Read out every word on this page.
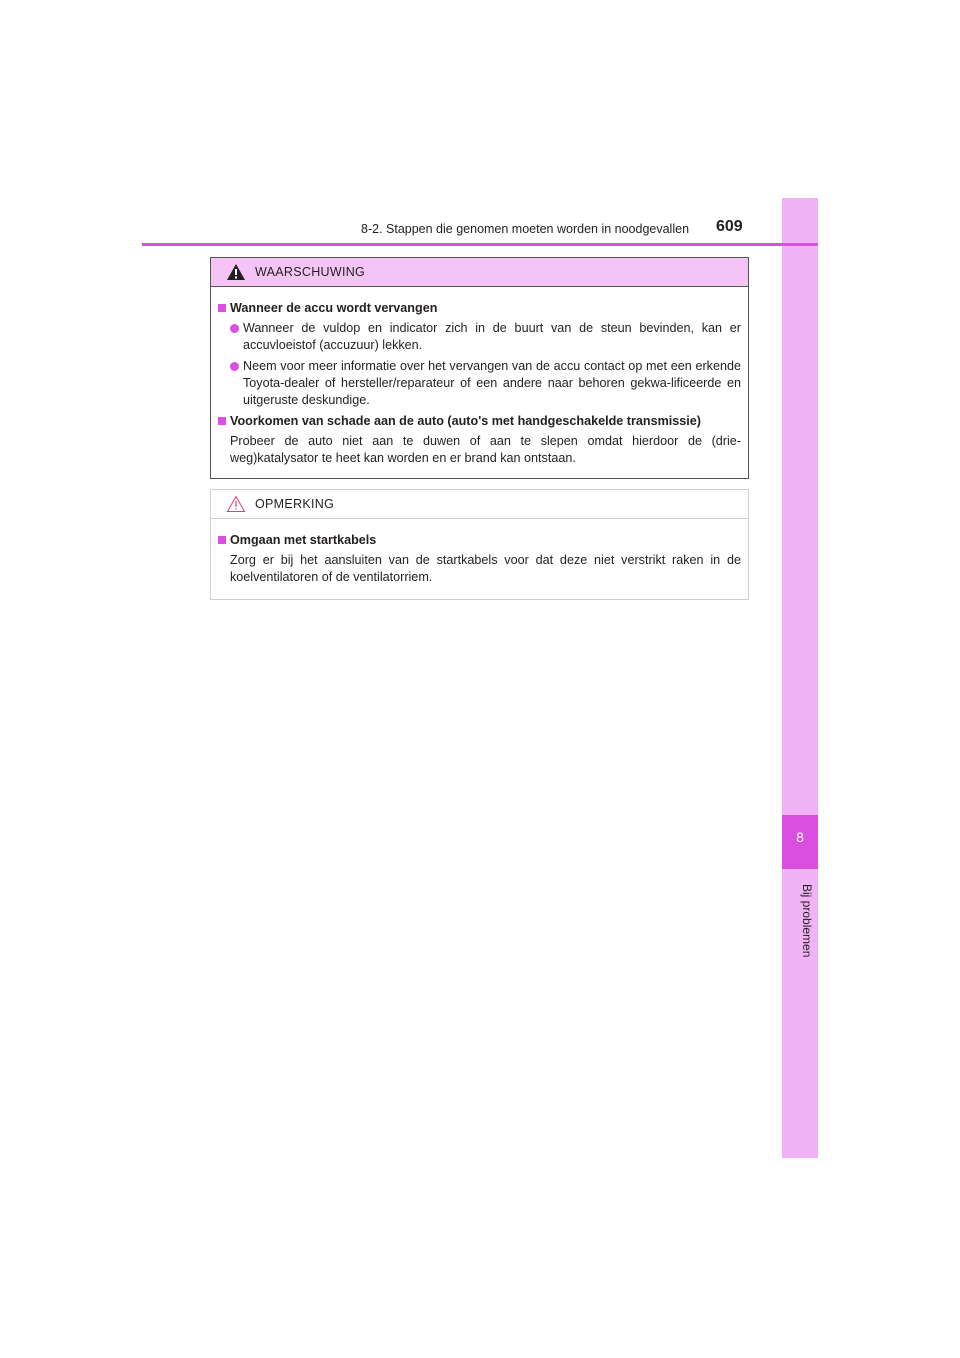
8
Bij problemen
8-2. Stappen die genomen moeten worden in noodgevallen 609
WAARSCHUWING
Wanneer de accu wordt vervangen
Wanneer de vuldop en indicator zich in de buurt van de steun bevinden, kan er accuvloeistof (accuzuur) lekken.
Neem voor meer informatie over het vervangen van de accu contact op met een erkende Toyota-dealer of hersteller/reparateur of een andere naar behoren gekwa-lificeerde en uitgeruste deskundige.
Voorkomen van schade aan de auto (auto's met handgeschakelde transmissie)
Probeer de auto niet aan te duwen of aan te slepen omdat hierdoor de (drie-weg)katalysator te heet kan worden en er brand kan ontstaan.
OPMERKING
Omgaan met startkabels
Zorg er bij het aansluiten van de startkabels voor dat deze niet verstrikt raken in de koelventilatoren of de ventilatorriem.
